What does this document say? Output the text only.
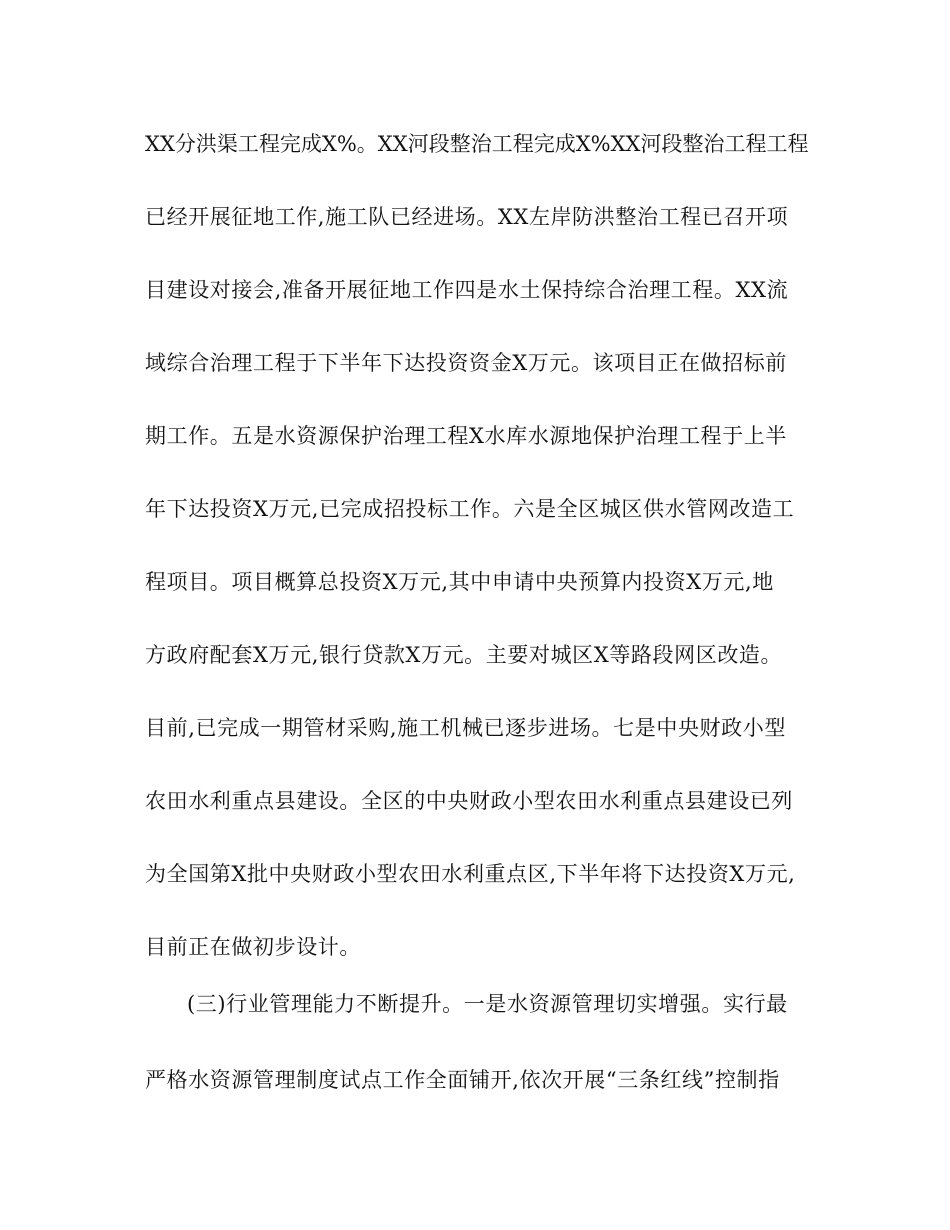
XX分洪渠工程完成X%。XX河段整治工程完成X%XX河段整治工程工程
已经开展征地工作,施工队已经进场。XX左岸防洪整治工程已召开项
目建设对接会,准备开展征地工作四是水土保持综合治理工程。XX流
域综合治理工程于下半年下达投资资金X万元。该项目正在做招标前
期工作。五是水资源保护治理工程X水库水源地保护治理工程于上半
年下达投资X万元,已完成招投标工作。六是全区城区供水管网改造工
程项目。项目概算总投资X万元,其中申请中央预算内投资X万元,地
方政府配套X万元,银行贷款X万元。主要对城区X等路段网区改造。
目前,已完成一期管材采购,施工机械已逐步进场。七是中央财政小型
农田水利重点县建设。全区的中央财政小型农田水利重点县建设已列
为全国第X批中央财政小型农田水利重点区,下半年将下达投资X万元,
目前正在做初步设计。
(三)行业管理能力不断提升。一是水资源管理切实增强。实行最
严格水资源管理制度试点工作全面铺开,依次开展“三条红线”控制指
